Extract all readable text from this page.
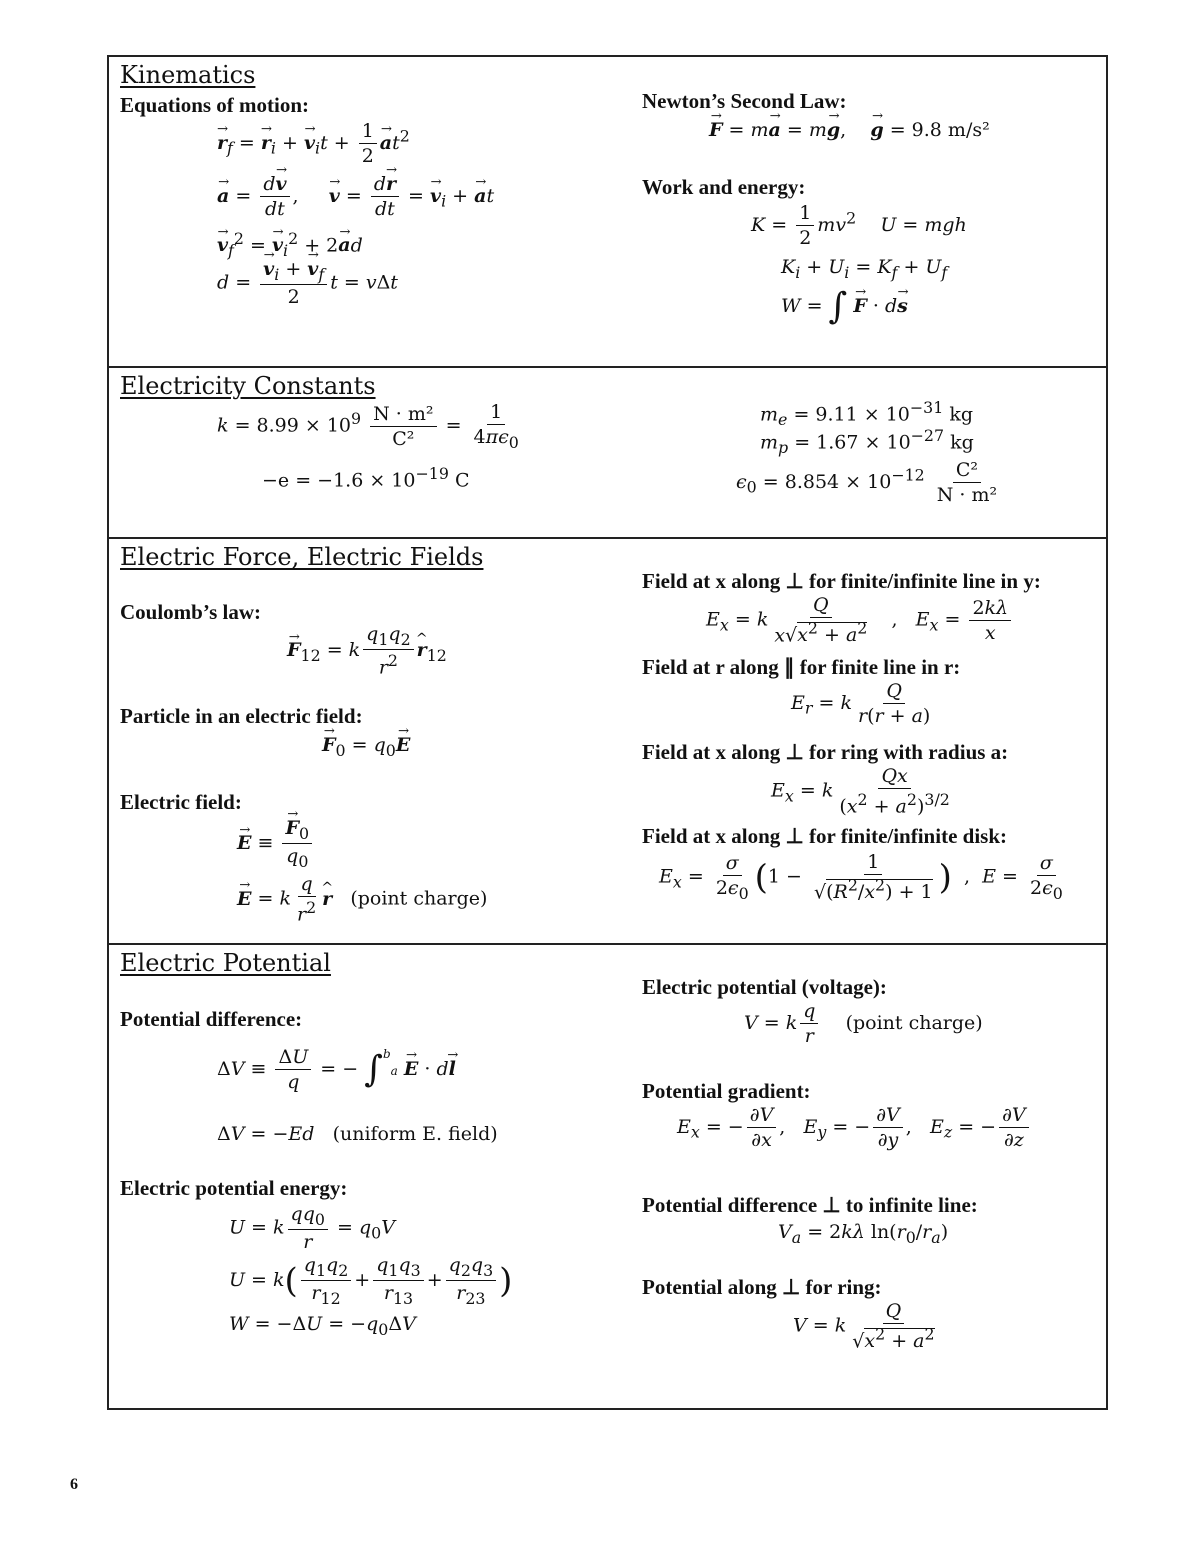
Kinematics
Equations of motion:
$r \to_f = r \to_i + v \to_it + \frac{1}{2}$ $a \to t^2$
a → = $\frac{dv \to}{dt}$ ,     v → = $\frac{dr \to}{dt} = v \to_i + a \to t$
$v \to_f^2 = v \to_i^2 + 2a \to d$
$d = \frac{v \to_i + v \to_f}{2}$ t = vΔt
Newton’s Second Law:
F → = ma → = mg →,    g → = 9.8 m/s²
Work and energy:
$K = \frac{1}{2} mv^2$ U = mgh
$K_i + U_i = K_f + U_f$
W = ∫ F → · ds →
Electricity Constants
$k = 8.99 \times 10^9 \frac{\text{N · m²}}{\text{C²}} = \frac{1}{4\pi\epsilon_0}$
$-e = -1.6 \times 10^{-19}$ C
$m_e = 9.11 \times 10^{-31}$ kg
$m_p = 1.67 \times 10^{-27}$ kg
$\epsilon_0 = 8.854 \times 10^{-12} \frac{\text{C²}}{\text{N · m²}}$
Electric Force, Electric Fields
Coulomb’s law:
$F \to_{12} = k \frac{q_1q_2}{r^2}$ r $\^{}_{12}$
Particle in an electric field:
$F \to_0 = q_0E$ →
Electric field:
E → ≡ $\frac{F \to_0}{q_0}$
E → = k $\frac{q}{r^2}$ r ^ (point charge)
Field at x along ⊥ for finite/infinite line in y:
$E_x = k \frac{Q}{x√x^2 + a^2}$ ,   $E_x = \frac{2k\lambda}{x}$
Field at r along ∥ for finite line in r:
$E_r = k \frac{Q}{r(r + a)}$
Field at x along ⊥ for ring with radius a:
$E_x = k \frac{Qx}{(x^2 + a^2)^{3/2}}$
Field at x along ⊥ for finite/infinite disk:
$E_x = \frac{\sigma}{2\epsilon_0} (1 - \frac{1}{√(R^2/x^2) + 1}$ )  ,  $E = \frac{\sigma}{2\epsilon_0}$
Electric Potential
Potential difference:
$\Delta V \equiv \frac{\Delta U}{q}$ = − ∫$^b$a E → · dl →
ΔV = −Ed (uniform E. field)
Electric potential energy:
U = k $\frac{qq_0}{r} = q_0V$
$U = k( \frac{q_1q_2}{r_{12}} + \frac{q_1q_3}{r_{13}} + \frac{q_2q_3}{r_{23}}$ )
$W = -\Delta U = -q_0\Delta V$
Electric potential (voltage):
V = k $\frac{q}{r}$ (point charge)
Potential gradient:
$E_x$ = − $\frac{\partial V}{\partial x}$ ,   $E_y$ = − $\frac{\partial V}{\partial y}$ ,   $E_z$ = − $\frac{\partial V}{\partial z}$
Potential difference ⊥ to infinite line:
$V_a = 2k\lambda$ $\ln(r_0/r_a)$
Potential along ⊥ for ring:
V = k $\frac{Q}{√x^2 + a^2}$
6
